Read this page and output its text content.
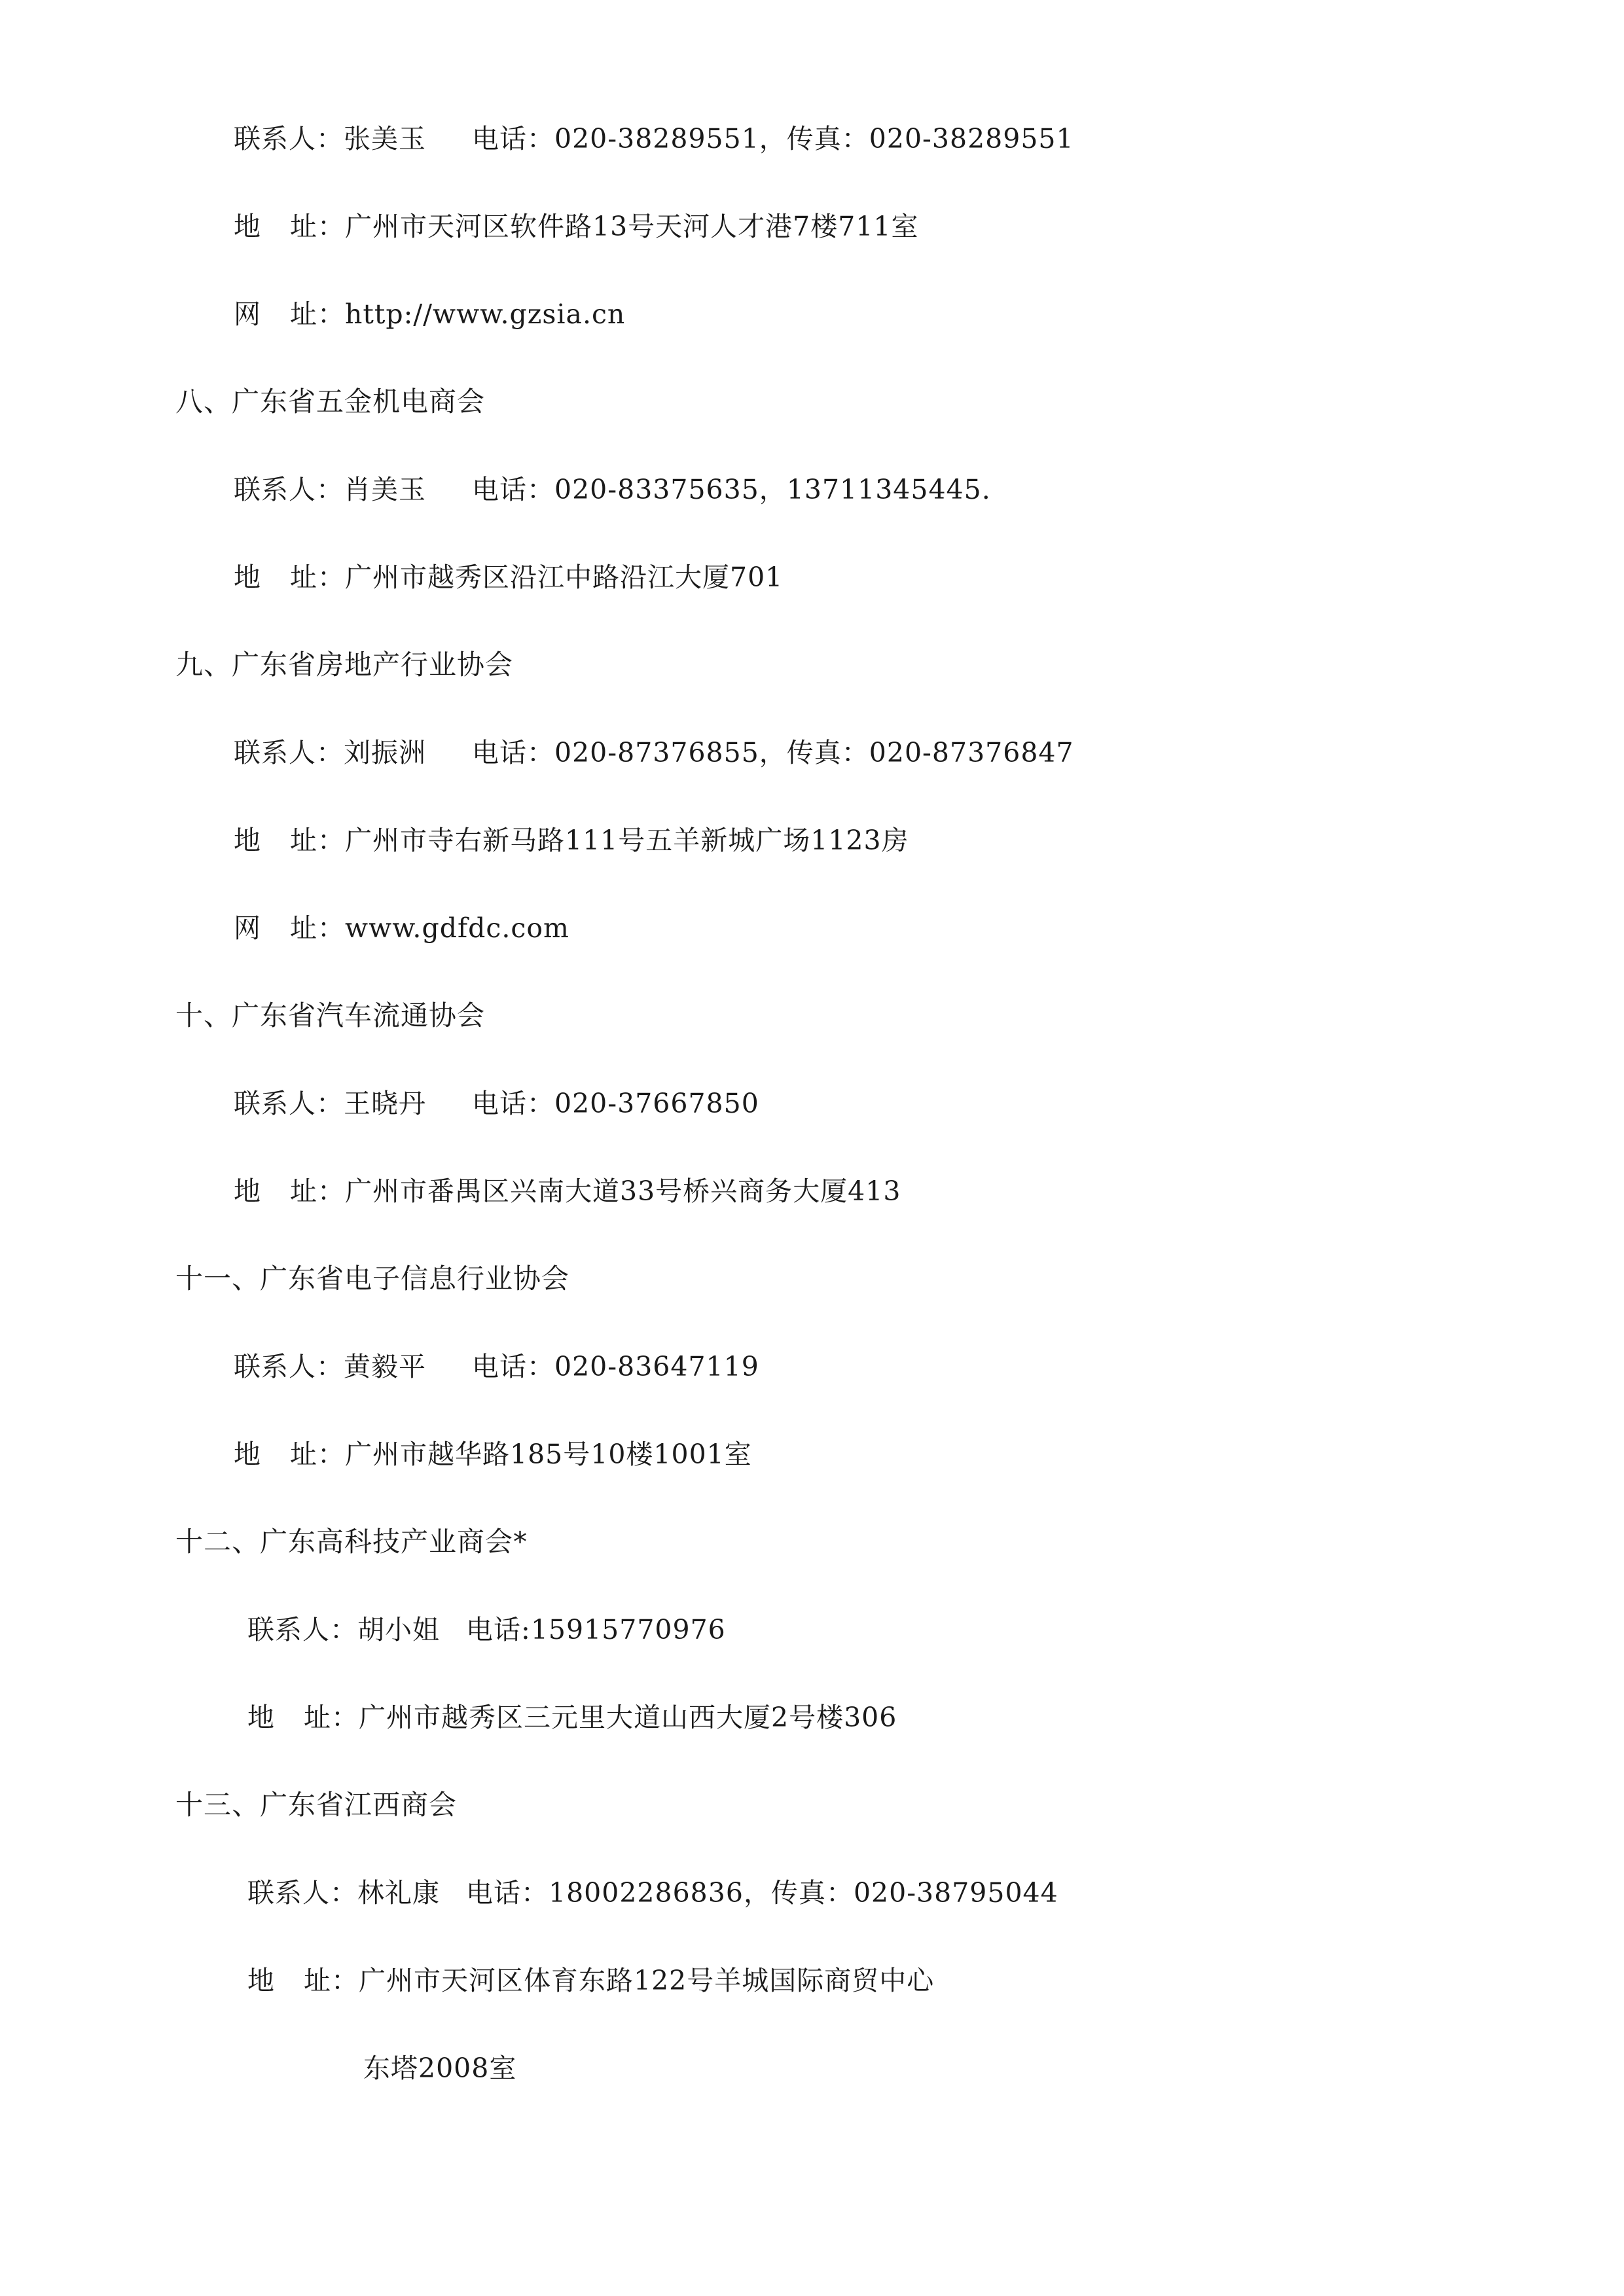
联系人：张美玉 电话：020-38289551，传真：020-38289551
地 址：广州市天河区软件路13号天河人才港7楼711室
网 址：http://www.gzsia.cn
八、广东省五金机电商会
联系人：肖美玉 电话：020-83375635，13711345445.
地 址：广州市越秀区沿江中路沿江大厦701
九、广东省房地产行业协会
联系人：刘振洲 电话：020-87376855，传真：020-87376847
地 址：广州市寺右新马路111号五羊新城广场1123房
网 址：www.gdfdc.com
十、广东省汽车流通协会
联系人：王晓丹 电话：020-37667850
地 址：广州市番禺区兴南大道33号桥兴商务大厦413
十一、广东省电子信息行业协会
联系人：黄毅平 电话：020-83647119
地 址：广州市越华路185号10楼1001室
十二、广东高科技产业商会*
联系人：胡小姐 电话:15915770976
地 址：广州市越秀区三元里大道山西大厦2号楼306
十三、广东省江西商会
联系人：林礼康 电话：18002286836，传真：020-38795044
地 址：广州市天河区体育东路122号羊城国际商贸中心
东塔2008室
